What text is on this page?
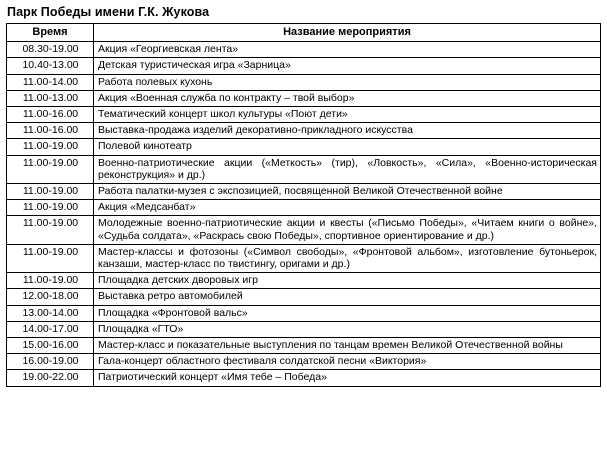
Парк Победы имени Г.К. Жукова
Время	Название мероприятия
08.30-19.00	Акция «Георгиевская лента»
10.40-13.00	Детская туристическая игра «Зарница»
11.00-14.00	Работа полевых кухонь
11.00-13.00	Акция «Военная служба по контракту – твой выбор»
11.00-16.00	Тематический концерт школ культуры «Поют дети»
11.00-16.00	Выставка-продажа изделий декоративно-прикладного искусства
11.00-19.00	Полевой кинотеатр
11.00-19.00	Военно-патриотические акции («Меткость» (тир), «Ловкость», «Сила», «Военно-историческая реконструкция» и др.)
11.00-19.00	Работа палатки-музея с экспозицией, посвященной Великой Отечественной войне
11.00-19.00	Акция «Медсанбат»
11.00-19.00	Молодежные военно-патриотические акции и квесты («Письмо Победы», «Читаем книги о войне», «Судьба солдата», «Раскрась свою Победы», спортивное ориентирование и др.)
11.00-19.00	Мастер-классы и фотозоны («Символ свободы», «Фронтовой альбом», изготовление бутоньерок, канзаши, мастер-класс по твистингу, оригами и др.)
11.00-19.00	Площадка детских дворовых игр
12.00-18.00	Выставка ретро автомобилей
13.00-14.00	Площадка «Фронтовой вальс»
14.00-17.00	Площадка «ГТО»
15.00-16.00	Мастер-класс и показательные выступления по танцам времен Великой Отечественной войны
16.00-19.00	Гала-концерт областного фестиваля солдатской песни «Виктория»
19.00-22.00	Патриотический концерт «Имя тебе – Победа»
